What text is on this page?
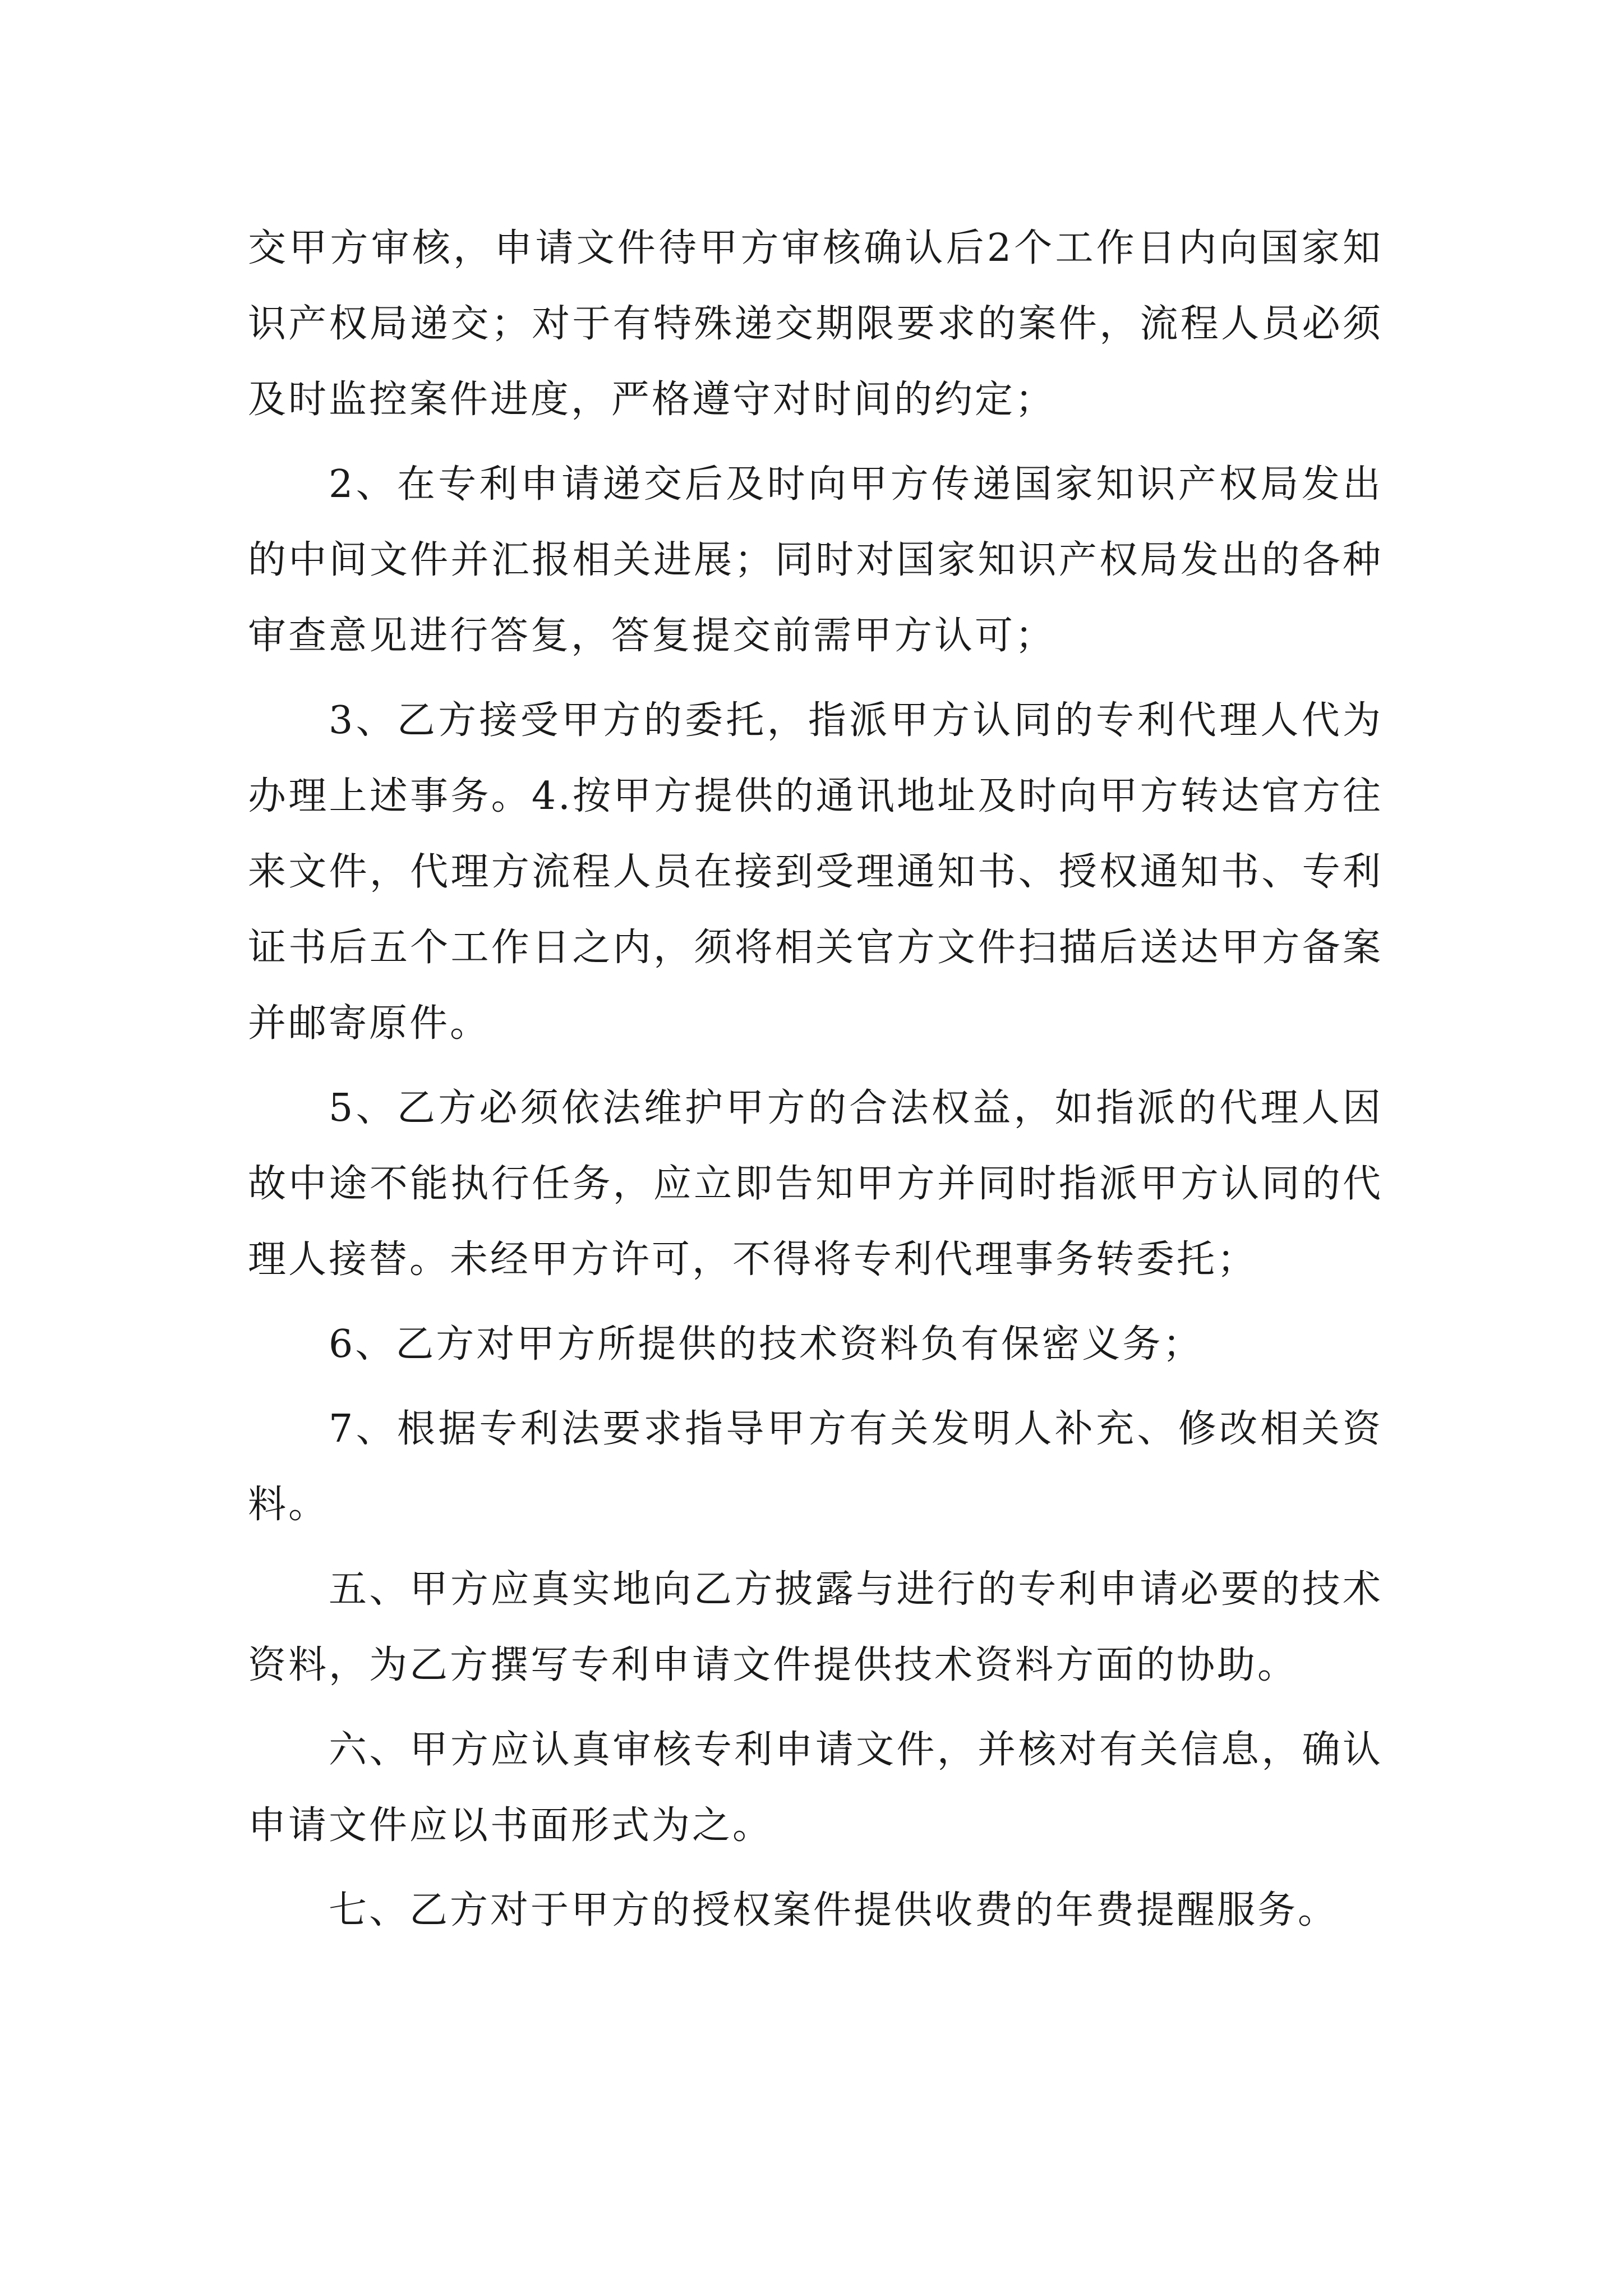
交甲方审核，申请文件待甲方审核确认后2个工作日内向国家知识产权局递交；对于有特殊递交期限要求的案件，流程人员必须及时监控案件进度，严格遵守对时间的约定；

2、在专利申请递交后及时向甲方传递国家知识产权局发出的中间文件并汇报相关进展；同时对国家知识产权局发出的各种审查意见进行答复，答复提交前需甲方认可；

3、乙方接受甲方的委托，指派甲方认同的专利代理人代为办理上述事务。4.按甲方提供的通讯地址及时向甲方转达官方往来文件，代理方流程人员在接到受理通知书、授权通知书、专利证书后五个工作日之内，须将相关官方文件扫描后送达甲方备案并邮寄原件。

5、乙方必须依法维护甲方的合法权益，如指派的代理人因故中途不能执行任务，应立即告知甲方并同时指派甲方认同的代理人接替。未经甲方许可，不得将专利代理事务转委托；

6、乙方对甲方所提供的技术资料负有保密义务；

7、根据专利法要求指导甲方有关发明人补充、修改相关资料。

五、甲方应真实地向乙方披露与进行的专利申请必要的技术资料，为乙方撰写专利申请文件提供技术资料方面的协助。

六、甲方应认真审核专利申请文件，并核对有关信息，确认申请文件应以书面形式为之。

七、乙方对于甲方的授权案件提供收费的年费提醒服务。
